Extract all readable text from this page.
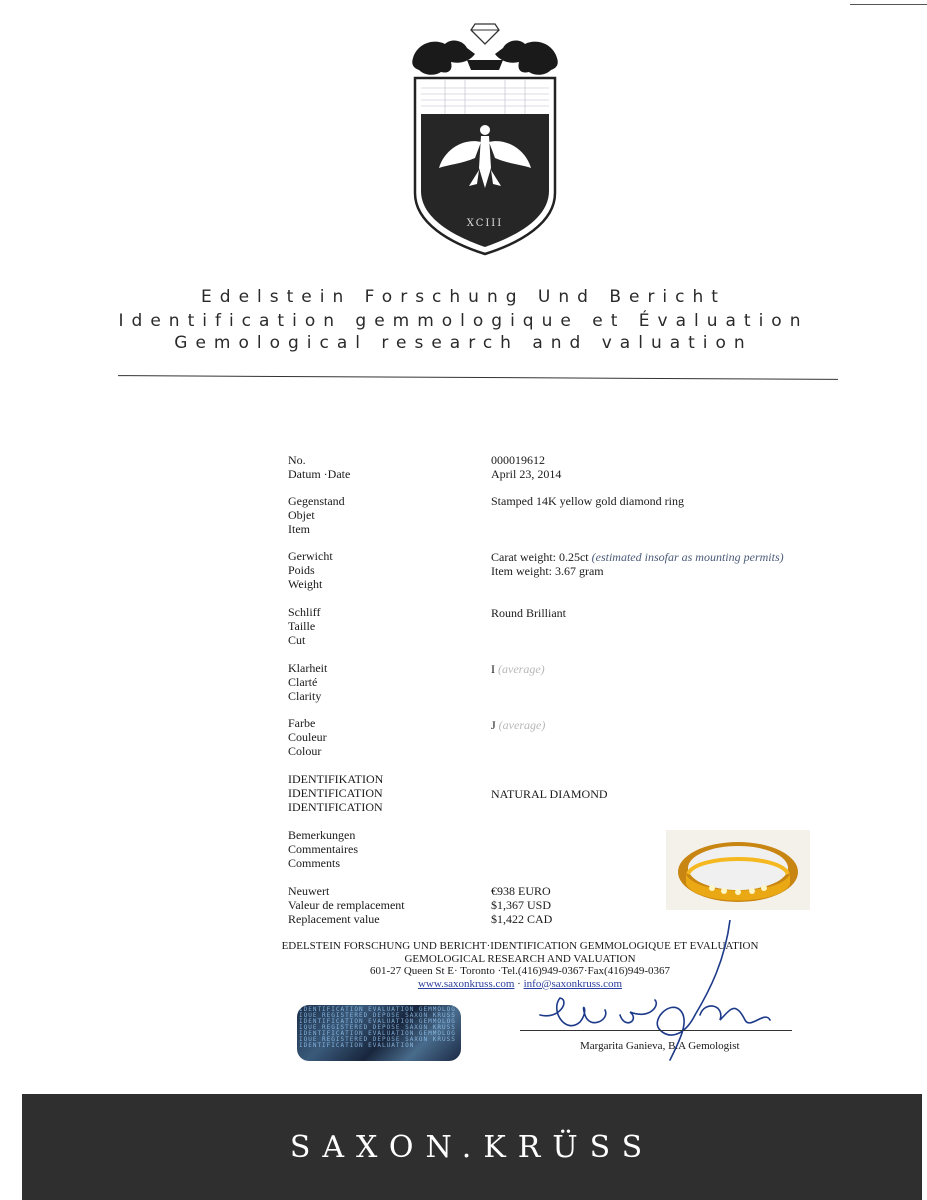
XCIII
Edelstein Forschung Und Bericht
Identification gemmologique et Évaluation
Gemological research and valuation
No.
Datum ·Date
000019612
April 23, 2014
Gegenstand
Objet
Item
Stamped 14K yellow gold diamond ring
Gerwicht
Poids
Weight
Carat weight: 0.25ct (estimated insofar as mounting permits)
Item weight: 3.67 gram
Schliff
Taille
Cut
Round Brilliant
Klarheit
Clarté
Clarity
I (average)
Farbe
Couleur
Colour
J (average)
IDENTIFIKATION
IDENTIFICATION
IDENTIFICATION
NATURAL DIAMOND
Bemerkungen
Commentaires
Comments
Neuwert
Valeur de remplacement
Replacement value
€938 EURO
$1,367 USD
$1,422 CAD
EDELSTEIN FORSCHUNG UND BERICHT·IDENTIFICATION GEMMOLOGIQUE ET EVALUATION
GEMOLOGICAL RESEARCH AND VALUATION
601-27 Queen St E· Toronto ·Tel.(416)949-0367·Fax(416)949-0367
www.saxonkruss.com · info@saxonkruss.com
IDENTIFICATION EVALUATION GEMMOLOGIQUE REGISTERED DEPOSE SAXON KRUSS IDENTIFICATION EVALUATION GEMMOLOGIQUE REGISTERED DEPOSE SAXON KRUSS IDENTIFICATION EVALUATION GEMMOLOGIQUE REGISTERED DEPOSE SAXON KRUSS IDENTIFICATION EVALUATION	Margarita Ganieva, B.A Gemologist
SAXON.KRÜSS
